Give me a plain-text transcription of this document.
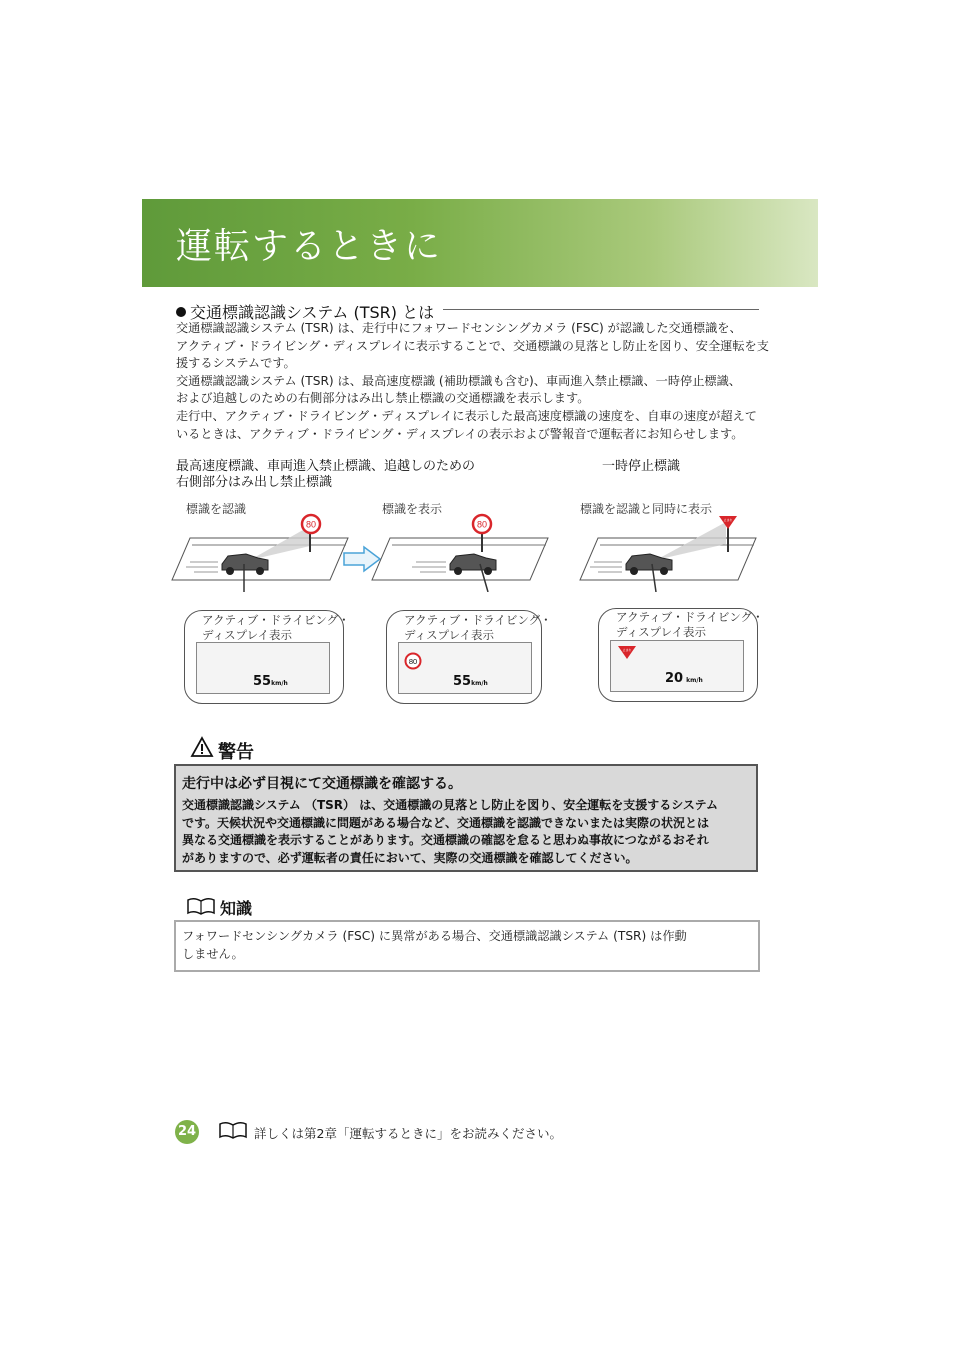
運転するときに
交通標識認識システム (TSR) とは

交通標識認識システム (TSR) は、走行中にフォワードセンシングカメラ (FSC) が認識した交通標識を、

アクティブ・ドライビング・ディスプレイに表示することで、交通標識の見落とし防止を図り、安全運転を支

援するシステムです。

交通標識認識システム (TSR) は、最高速度標識 (補助標識も含む)、車両進入禁止標識、一時停止標識、

および追越しのための右側部分はみ出し禁止標識の交通標識を表示します。

走行中、アクティブ・ドライビング・ディスプレイに表示した最高速度標識の速度を、自車の速度が超えて

いるときは、アクティブ・ドライビング・ディスプレイの表示および警報音で運転者にお知らせします。

最高速度標識、車両進入禁止標識、追越しのための
右側部分はみ出し禁止標識
一時停止標識
標識を認識	標識を表示	標識を認識と同時に表示
80	80	止まれ
アクティブ・ドライビング・
ディスプレイ表示
55km/h
アクティブ・ドライビング・
ディスプレイ表示
80
55km/h
アクティブ・ドライビング・
ディスプレイ表示
止まれ
20 km/h
警告
走行中は必ず目視にて交通標識を確認する。

交通標識認識システム （TSR） は、交通標識の見落とし防止を図り、安全運転を支援するシステム

です。天候状況や交通標識に問題がある場合など、交通標識を認識できないまたは実際の状況とは

異なる交通標識を表示することがあります。交通標識の確認を怠ると思わぬ事故につながるおそれ

がありますので、必ず運転者の責任において、実際の交通標識を確認してください。

知識

フォワードセンシングカメラ (FSC) に異常がある場合、交通標識認識システム (TSR) は作動

しません。

24	詳しくは第2章「運転するときに」をお読みください。
